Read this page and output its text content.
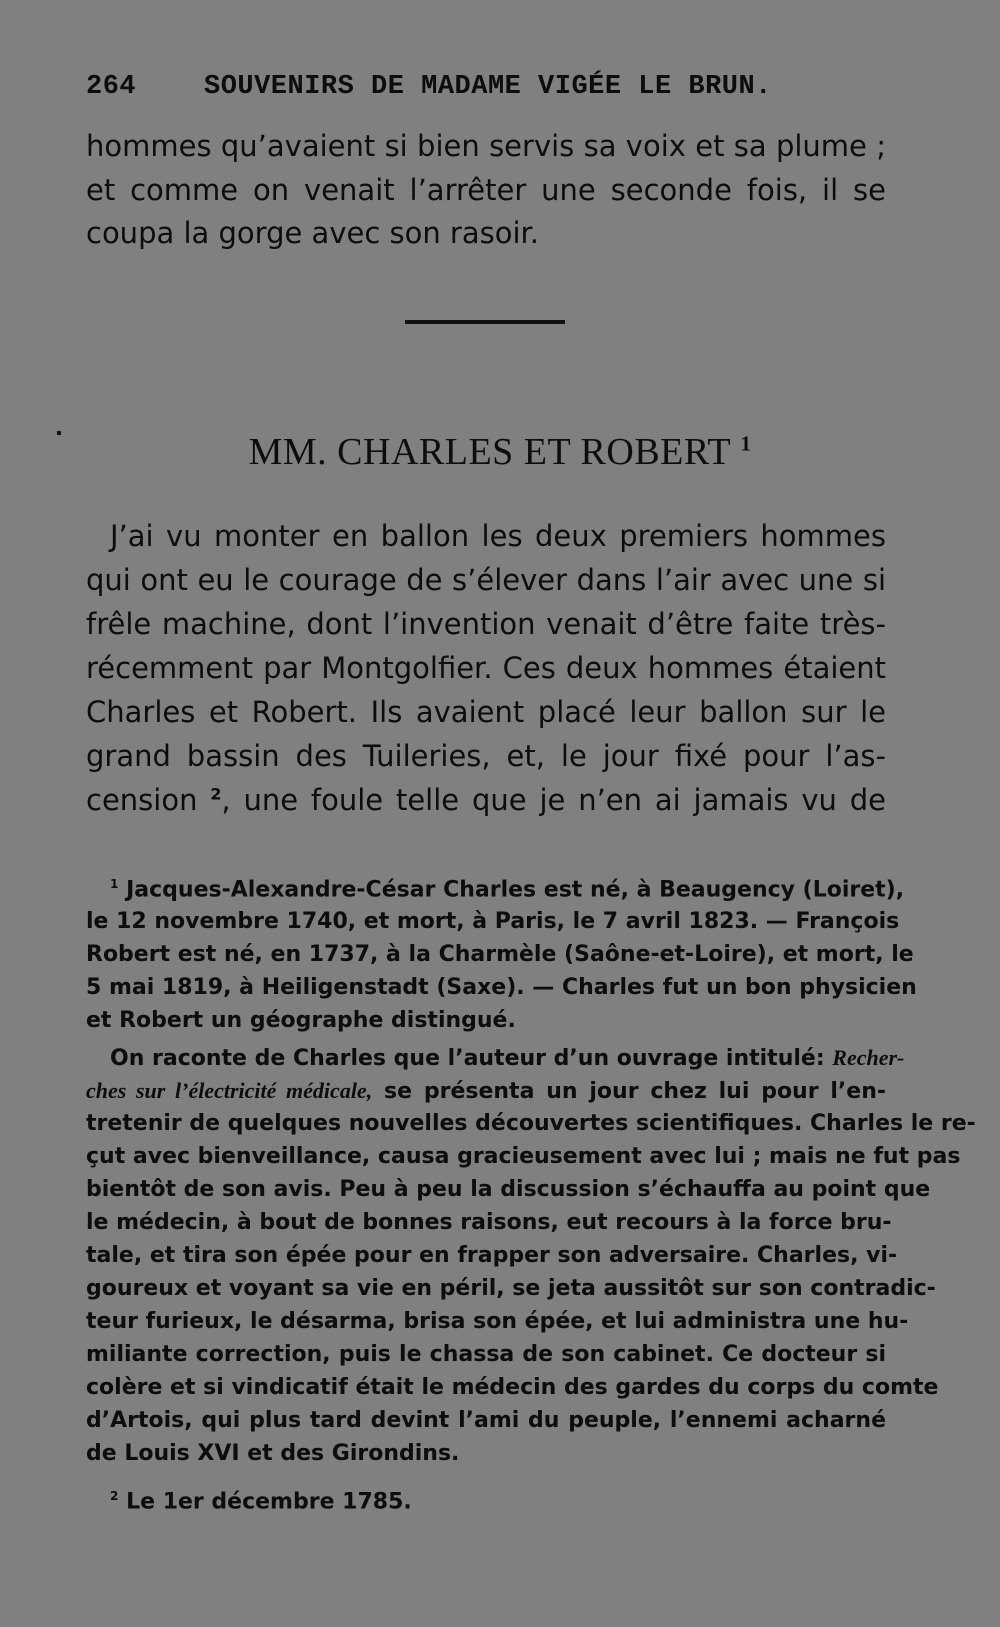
264	SOUVENIRS DE MADAME VIGÉE LE BRUN.
hommes qu’avaient si bien servis sa voix et sa plume ;
et comme on venait l’arrêter une seconde fois, il se
coupa la gorge avec son rasoir.
MM. CHARLES ET ROBERT $^1$
J’ai vu monter en ballon les deux premiers hommes
qui ont eu le courage de s’élever dans l’air avec une si
frêle machine, dont l’invention venait d’être faite très-
récemment par Montgolfier. Ces deux hommes étaient
Charles et Robert. Ils avaient placé leur ballon sur le
grand bassin des Tuileries, et, le jour fixé pour l’as-
cension $^2$, une foule telle que je n’en ai jamais vu de
$^1$ Jacques-Alexandre-César Charles est né, à Beaugency (Loiret),
le 12 novembre 1740, et mort, à Paris, le 7 avril 1823. — François
Robert est né, en 1737, à la Charmèle (Saône-et-Loire), et mort, le
5 mai 1819, à Heiligenstadt (Saxe). — Charles fut un bon physicien
et Robert un géographe distingué.
On raconte de Charles que l’auteur d’un ouvrage intitulé: Recher-
ches sur l’électricité médicale, se présenta un jour chez lui pour l’en-
tretenir de quelques nouvelles découvertes scientifiques. Charles le re-
çut avec bienveillance, causa gracieusement avec lui ; mais ne fut pas
bientôt de son avis. Peu à peu la discussion s’échauffa au point que
le médecin, à bout de bonnes raisons, eut recours à la force bru-
tale, et tira son épée pour en frapper son adversaire. Charles, vi-
goureux et voyant sa vie en péril, se jeta aussitôt sur son contradic-
teur furieux, le désarma, brisa son épée, et lui administra une hu-
miliante correction, puis le chassa de son cabinet. Ce docteur si
colère et si vindicatif était le médecin des gardes du corps du comte
d’Artois, qui plus tard devint l’ami du peuple, l’ennemi acharné
de Louis XVI et des Girondins.
$^2$ Le 1er décembre 1785.
